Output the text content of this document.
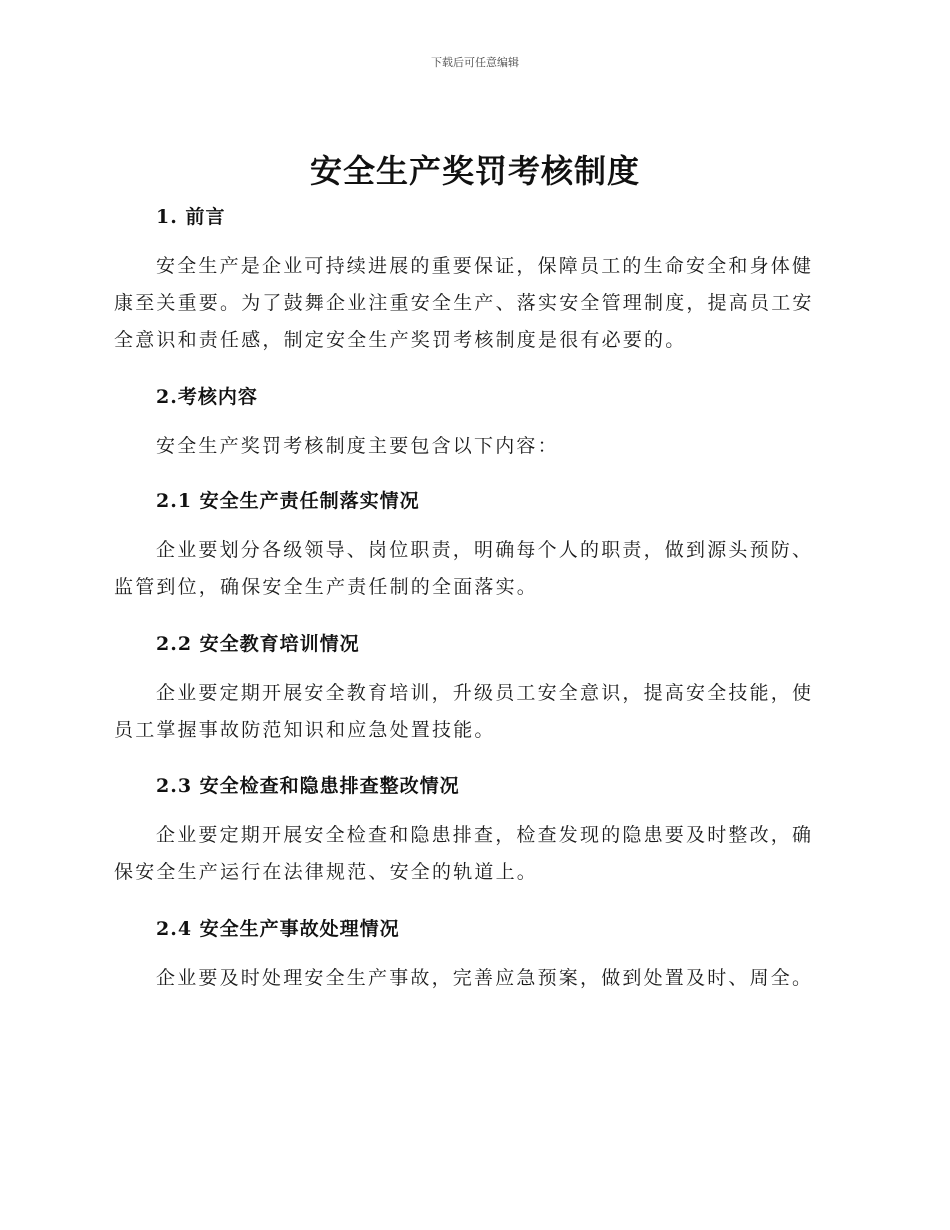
下载后可任意编辑
安全生产奖罚考核制度
1. 前言

安全生产是企业可持续进展的重要保证，保障员工的生命安全和身体健康至关重要。为了鼓舞企业注重安全生产、落实安全管理制度，提高员工安全意识和责任感，制定安全生产奖罚考核制度是很有必要的。

2.考核内容

安全生产奖罚考核制度主要包含以下内容：

2.1 安全生产责任制落实情况

企业要划分各级领导、岗位职责，明确每个人的职责，做到源头预防、监管到位，确保安全生产责任制的全面落实。

2.2 安全教育培训情况

企业要定期开展安全教育培训，升级员工安全意识，提高安全技能，使员工掌握事故防范知识和应急处置技能。

2.3 安全检查和隐患排查整改情况

企业要定期开展安全检查和隐患排查，检查发现的隐患要及时整改，确保安全生产运行在法律规范、安全的轨道上。

2.4 安全生产事故处理情况

企业要及时处理安全生产事故，完善应急预案，做到处置及时、周全。
